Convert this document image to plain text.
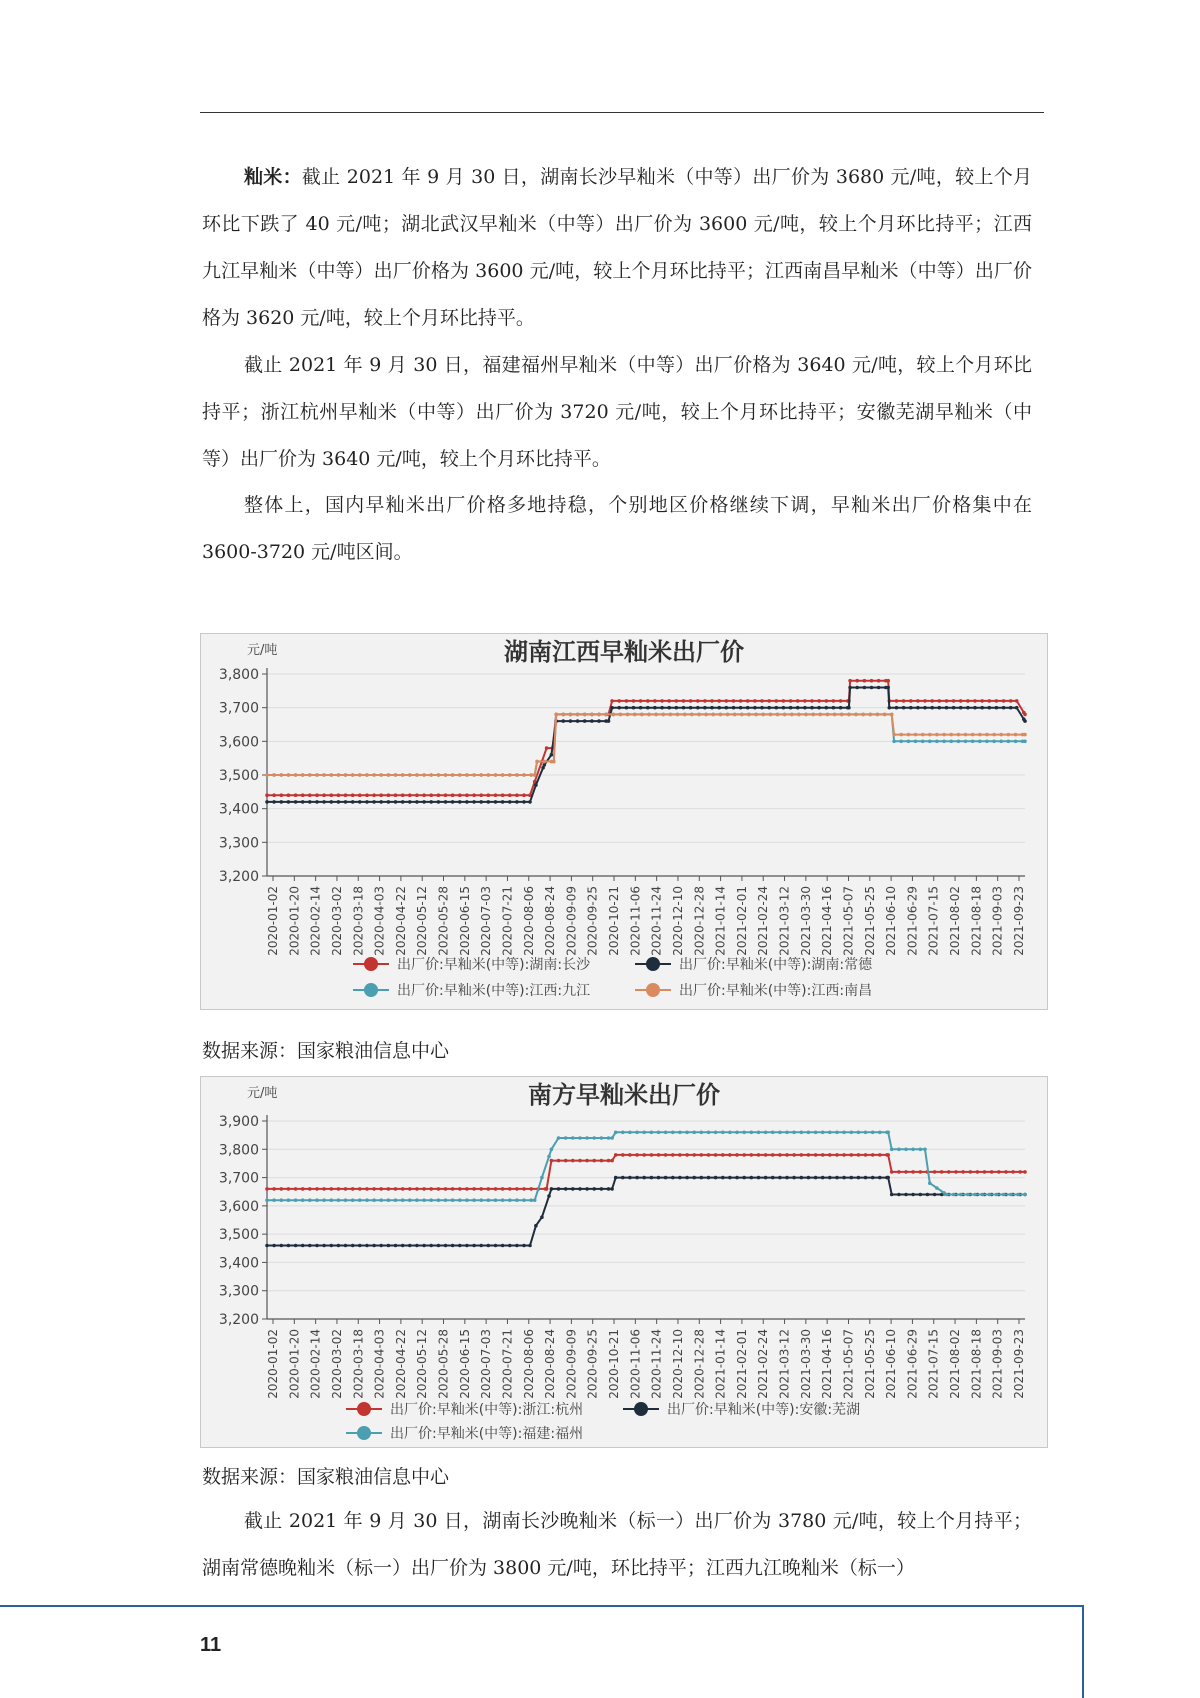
籼米：截止 2021 年 9 月 30 日，湖南长沙早籼米（中等）出厂价为 3680 元/吨，较上个月环比下跌了 40 元/吨；湖北武汉早籼米（中等）出厂价为 3600 元/吨，较上个月环比持平；江西九江早籼米（中等）出厂价格为 3600 元/吨，较上个月环比持平；江西南昌早籼米（中等）出厂价格为 3620 元/吨，较上个月环比持平。

截止 2021 年 9 月 30 日，福建福州早籼米（中等）出厂价格为 3640 元/吨，较上个月环比持平；浙江杭州早籼米（中等）出厂价为 3720 元/吨，较上个月环比持平；安徽芜湖早籼米（中等）出厂价为 3640 元/吨，较上个月环比持平。

整体上，国内早籼米出厂价格多地持稳，个别地区价格继续下调，早籼米出厂价格集中在 3600-3720 元/吨区间。

湖南江西早籼米出厂价
元/吨
3,200
3,300
3,400
3,500
3,600
3,700
3,800
2020-01-02 2020-01-20 2020-02-14 2020-03-02 2020-03-18 2020-04-03 2020-04-22 2020-05-12 2020-05-28 2020-06-15 2020-07-03 2020-07-21 2020-08-06 2020-08-24 2020-09-09 2020-09-25 2020-10-21 2020-11-06 2020-11-24 2020-12-10 2020-12-28 2021-01-14 2021-02-01 2021-02-24 2021-03-12 2021-03-30 2021-04-16 2021-05-07 2021-05-25 2021-06-10 2021-06-29 2021-07-15 2021-08-02 2021-08-18 2021-09-03 2021-09-23
出厂价:早籼米(中等):湖南:长沙	出厂价:早籼米(中等):湖南:常德
出厂价:早籼米(中等):江西:九江	出厂价:早籼米(中等):江西:南昌
数据来源：国家粮油信息中心
南方早籼米出厂价
元/吨
3,200
3,300
3,400
3,500
3,600
3,700
3,800
3,900
2020-01-02 2020-01-20 2020-02-14 2020-03-02 2020-03-18 2020-04-03 2020-04-22 2020-05-12 2020-05-28 2020-06-15 2020-07-03 2020-07-21 2020-08-06 2020-08-24 2020-09-09 2020-09-25 2020-10-21 2020-11-06 2020-11-24 2020-12-10 2020-12-28 2021-01-14 2021-02-01 2021-02-24 2021-03-12 2021-03-30 2021-04-16 2021-05-07 2021-05-25 2021-06-10 2021-06-29 2021-07-15 2021-08-02 2021-08-18 2021-09-03 2021-09-23
出厂价:早籼米(中等):浙江:杭州	出厂价:早籼米(中等):安徽:芜湖
出厂价:早籼米(中等):福建:福州
数据来源：国家粮油信息中心

截止 2021 年 9 月 30 日，湖南长沙晚籼米（标一）出厂价为 3780 元/吨，较上个月持平；湖南常德晚籼米（标一）出厂价为 3800 元/吨，环比持平；江西九江晚籼米（标一）

11
